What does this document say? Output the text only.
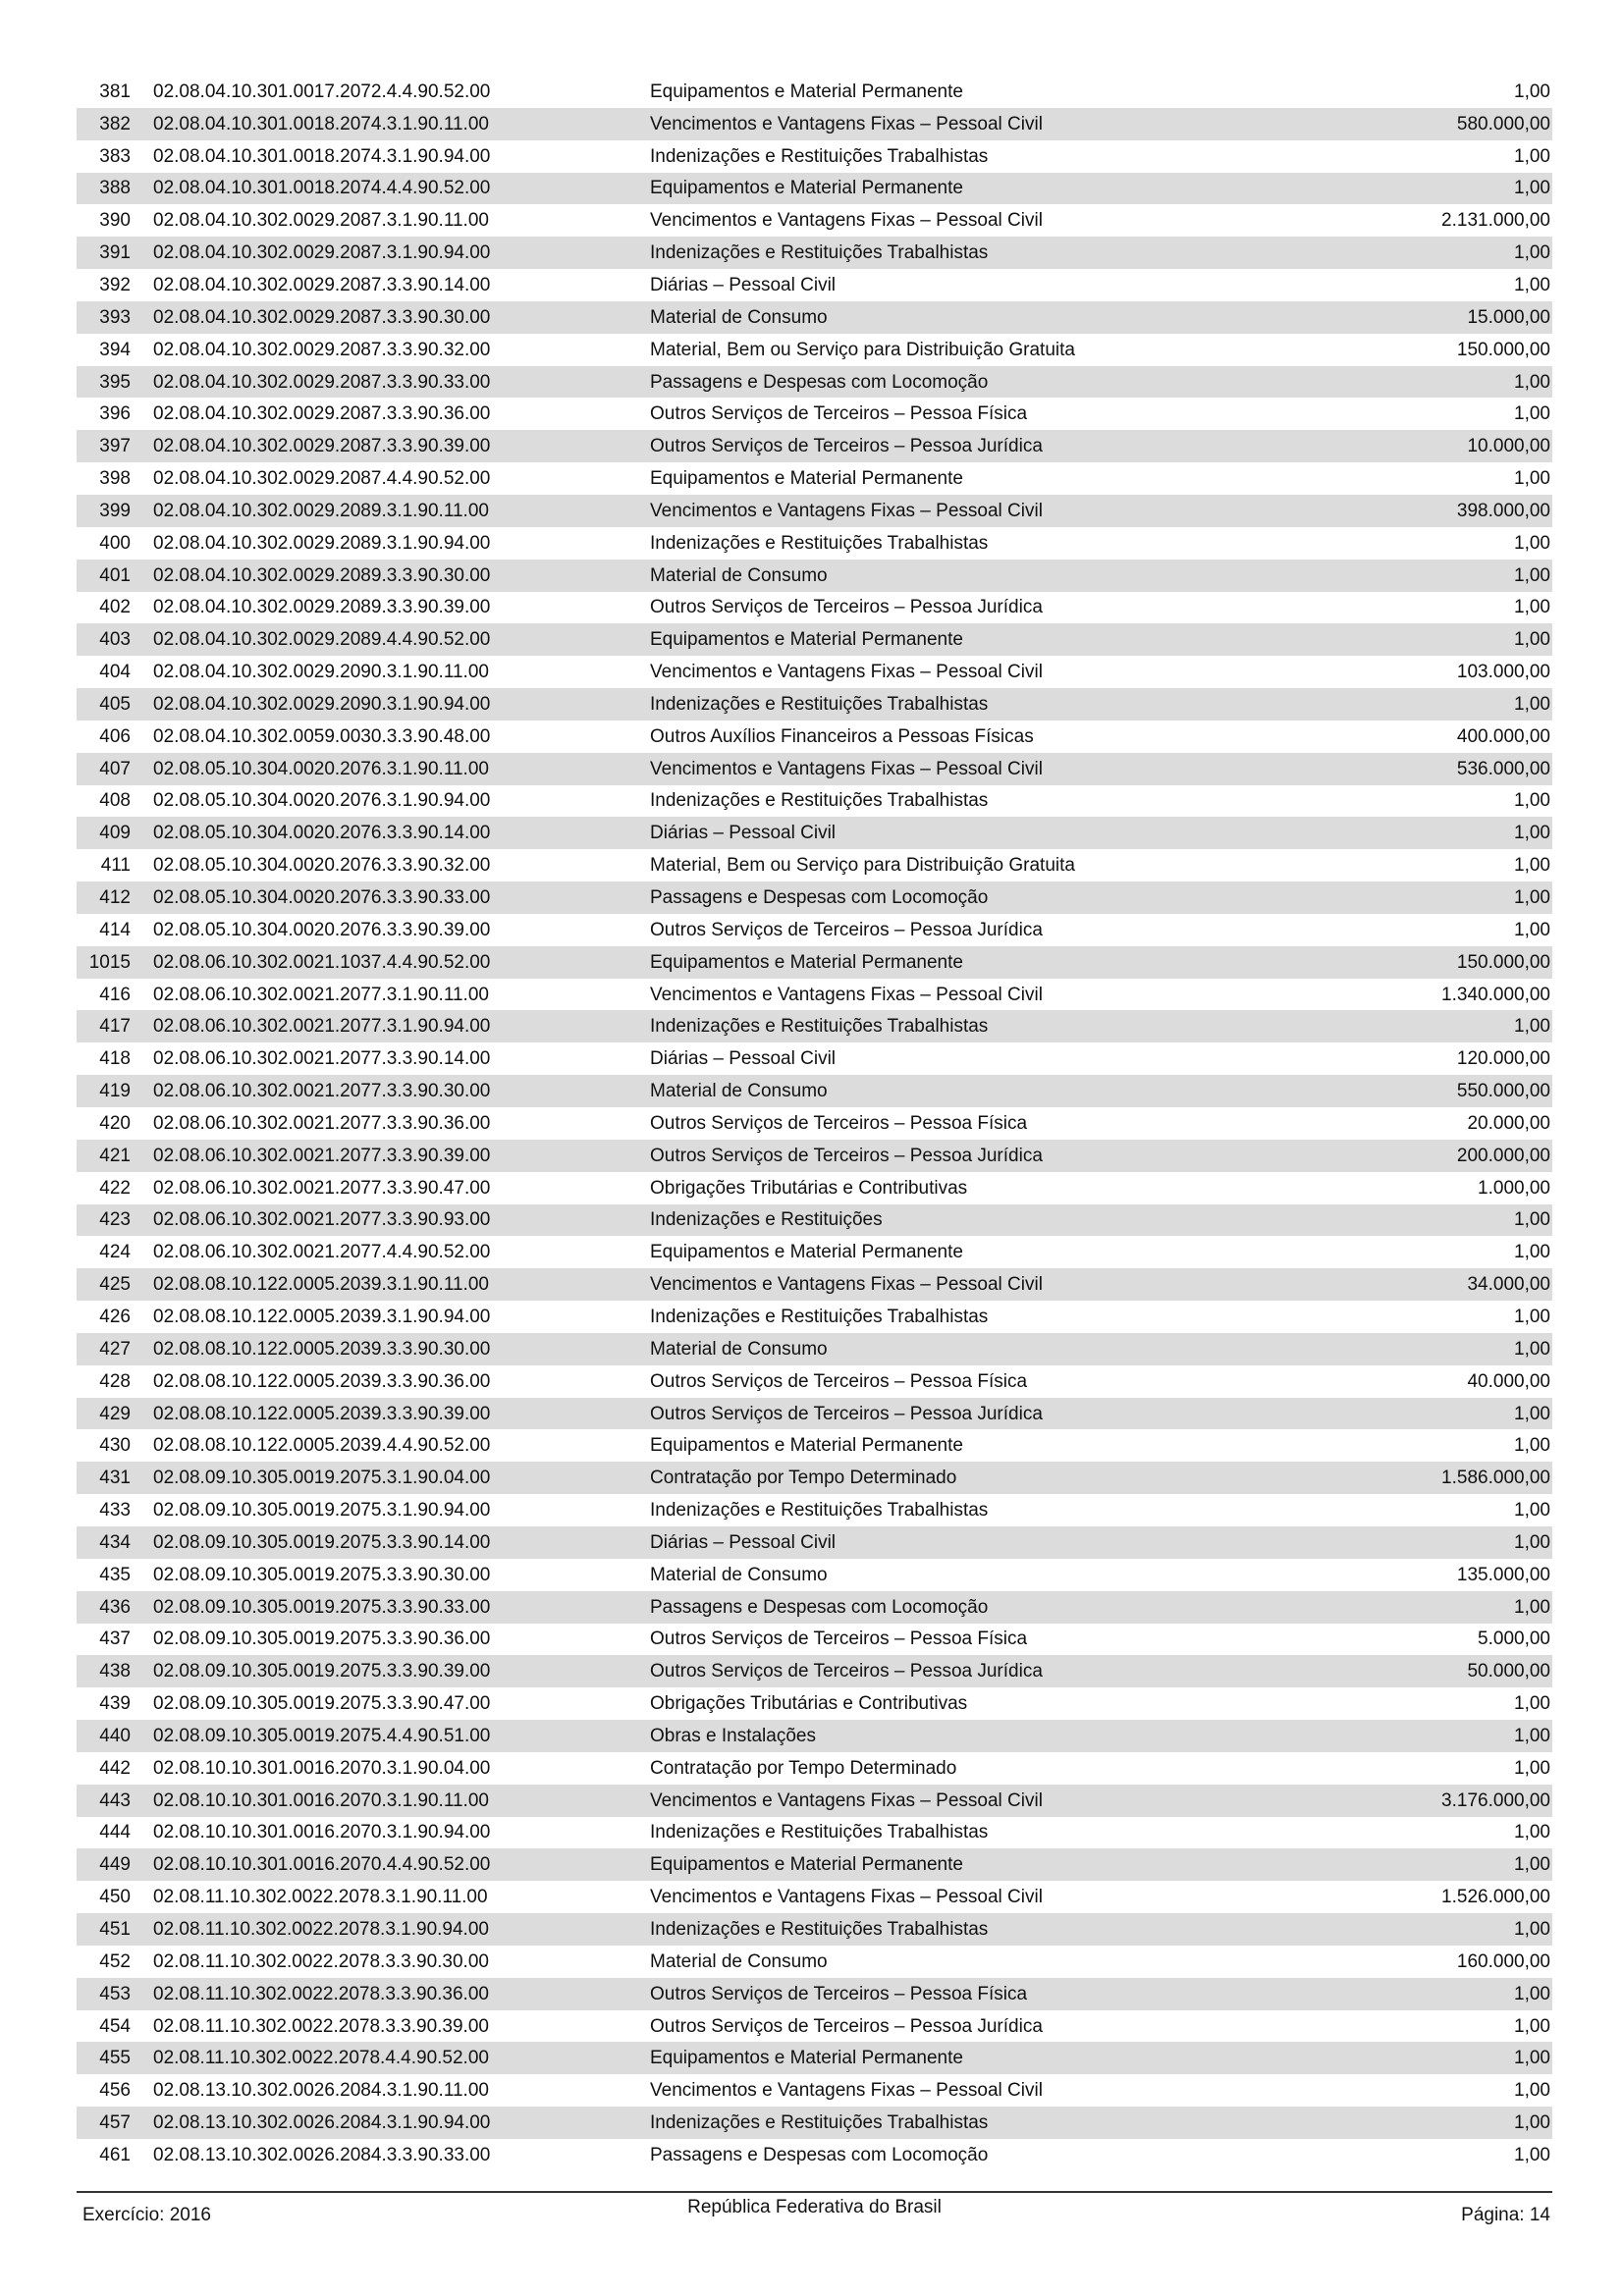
381	02.08.04.10.301.0017.2072.4.4.90.52.00	Equipamentos e Material Permanente	1,00
382	02.08.04.10.301.0018.2074.3.1.90.11.00	Vencimentos e Vantagens Fixas – Pessoal Civil	580.000,00
383	02.08.04.10.301.0018.2074.3.1.90.94.00	Indenizações e Restituições Trabalhistas	1,00
388	02.08.04.10.301.0018.2074.4.4.90.52.00	Equipamentos e Material Permanente	1,00
390	02.08.04.10.302.0029.2087.3.1.90.11.00	Vencimentos e Vantagens Fixas – Pessoal Civil	2.131.000,00
391	02.08.04.10.302.0029.2087.3.1.90.94.00	Indenizações e Restituições Trabalhistas	1,00
392	02.08.04.10.302.0029.2087.3.3.90.14.00	Diárias – Pessoal Civil	1,00
393	02.08.04.10.302.0029.2087.3.3.90.30.00	Material de Consumo	15.000,00
394	02.08.04.10.302.0029.2087.3.3.90.32.00	Material, Bem ou Serviço para Distribuição Gratuita	150.000,00
395	02.08.04.10.302.0029.2087.3.3.90.33.00	Passagens e Despesas com Locomoção	1,00
396	02.08.04.10.302.0029.2087.3.3.90.36.00	Outros Serviços de Terceiros – Pessoa Física	1,00
397	02.08.04.10.302.0029.2087.3.3.90.39.00	Outros Serviços de Terceiros – Pessoa Jurídica	10.000,00
398	02.08.04.10.302.0029.2087.4.4.90.52.00	Equipamentos e Material Permanente	1,00
399	02.08.04.10.302.0029.2089.3.1.90.11.00	Vencimentos e Vantagens Fixas – Pessoal Civil	398.000,00
400	02.08.04.10.302.0029.2089.3.1.90.94.00	Indenizações e Restituições Trabalhistas	1,00
401	02.08.04.10.302.0029.2089.3.3.90.30.00	Material de Consumo	1,00
402	02.08.04.10.302.0029.2089.3.3.90.39.00	Outros Serviços de Terceiros – Pessoa Jurídica	1,00
403	02.08.04.10.302.0029.2089.4.4.90.52.00	Equipamentos e Material Permanente	1,00
404	02.08.04.10.302.0029.2090.3.1.90.11.00	Vencimentos e Vantagens Fixas – Pessoal Civil	103.000,00
405	02.08.04.10.302.0029.2090.3.1.90.94.00	Indenizações e Restituições Trabalhistas	1,00
406	02.08.04.10.302.0059.0030.3.3.90.48.00	Outros Auxílios Financeiros a Pessoas Físicas	400.000,00
407	02.08.05.10.304.0020.2076.3.1.90.11.00	Vencimentos e Vantagens Fixas – Pessoal Civil	536.000,00
408	02.08.05.10.304.0020.2076.3.1.90.94.00	Indenizações e Restituições Trabalhistas	1,00
409	02.08.05.10.304.0020.2076.3.3.90.14.00	Diárias – Pessoal Civil	1,00
411	02.08.05.10.304.0020.2076.3.3.90.32.00	Material, Bem ou Serviço para Distribuição Gratuita	1,00
412	02.08.05.10.304.0020.2076.3.3.90.33.00	Passagens e Despesas com Locomoção	1,00
414	02.08.05.10.304.0020.2076.3.3.90.39.00	Outros Serviços de Terceiros – Pessoa Jurídica	1,00
1015	02.08.06.10.302.0021.1037.4.4.90.52.00	Equipamentos e Material Permanente	150.000,00
416	02.08.06.10.302.0021.2077.3.1.90.11.00	Vencimentos e Vantagens Fixas – Pessoal Civil	1.340.000,00
417	02.08.06.10.302.0021.2077.3.1.90.94.00	Indenizações e Restituições Trabalhistas	1,00
418	02.08.06.10.302.0021.2077.3.3.90.14.00	Diárias – Pessoal Civil	120.000,00
419	02.08.06.10.302.0021.2077.3.3.90.30.00	Material de Consumo	550.000,00
420	02.08.06.10.302.0021.2077.3.3.90.36.00	Outros Serviços de Terceiros – Pessoa Física	20.000,00
421	02.08.06.10.302.0021.2077.3.3.90.39.00	Outros Serviços de Terceiros – Pessoa Jurídica	200.000,00
422	02.08.06.10.302.0021.2077.3.3.90.47.00	Obrigações Tributárias e Contributivas	1.000,00
423	02.08.06.10.302.0021.2077.3.3.90.93.00	Indenizações e Restituições	1,00
424	02.08.06.10.302.0021.2077.4.4.90.52.00	Equipamentos e Material Permanente	1,00
425	02.08.08.10.122.0005.2039.3.1.90.11.00	Vencimentos e Vantagens Fixas – Pessoal Civil	34.000,00
426	02.08.08.10.122.0005.2039.3.1.90.94.00	Indenizações e Restituições Trabalhistas	1,00
427	02.08.08.10.122.0005.2039.3.3.90.30.00	Material de Consumo	1,00
428	02.08.08.10.122.0005.2039.3.3.90.36.00	Outros Serviços de Terceiros – Pessoa Física	40.000,00
429	02.08.08.10.122.0005.2039.3.3.90.39.00	Outros Serviços de Terceiros – Pessoa Jurídica	1,00
430	02.08.08.10.122.0005.2039.4.4.90.52.00	Equipamentos e Material Permanente	1,00
431	02.08.09.10.305.0019.2075.3.1.90.04.00	Contratação por Tempo Determinado	1.586.000,00
433	02.08.09.10.305.0019.2075.3.1.90.94.00	Indenizações e Restituições Trabalhistas	1,00
434	02.08.09.10.305.0019.2075.3.3.90.14.00	Diárias – Pessoal Civil	1,00
435	02.08.09.10.305.0019.2075.3.3.90.30.00	Material de Consumo	135.000,00
436	02.08.09.10.305.0019.2075.3.3.90.33.00	Passagens e Despesas com Locomoção	1,00
437	02.08.09.10.305.0019.2075.3.3.90.36.00	Outros Serviços de Terceiros – Pessoa Física	5.000,00
438	02.08.09.10.305.0019.2075.3.3.90.39.00	Outros Serviços de Terceiros – Pessoa Jurídica	50.000,00
439	02.08.09.10.305.0019.2075.3.3.90.47.00	Obrigações Tributárias e Contributivas	1,00
440	02.08.09.10.305.0019.2075.4.4.90.51.00	Obras e Instalações	1,00
442	02.08.10.10.301.0016.2070.3.1.90.04.00	Contratação por Tempo Determinado	1,00
443	02.08.10.10.301.0016.2070.3.1.90.11.00	Vencimentos e Vantagens Fixas – Pessoal Civil	3.176.000,00
444	02.08.10.10.301.0016.2070.3.1.90.94.00	Indenizações e Restituições Trabalhistas	1,00
449	02.08.10.10.301.0016.2070.4.4.90.52.00	Equipamentos e Material Permanente	1,00
450	02.08.11.10.302.0022.2078.3.1.90.11.00	Vencimentos e Vantagens Fixas – Pessoal Civil	1.526.000,00
451	02.08.11.10.302.0022.2078.3.1.90.94.00	Indenizações e Restituições Trabalhistas	1,00
452	02.08.11.10.302.0022.2078.3.3.90.30.00	Material de Consumo	160.000,00
453	02.08.11.10.302.0022.2078.3.3.90.36.00	Outros Serviços de Terceiros – Pessoa Física	1,00
454	02.08.11.10.302.0022.2078.3.3.90.39.00	Outros Serviços de Terceiros – Pessoa Jurídica	1,00
455	02.08.11.10.302.0022.2078.4.4.90.52.00	Equipamentos e Material Permanente	1,00
456	02.08.13.10.302.0026.2084.3.1.90.11.00	Vencimentos e Vantagens Fixas – Pessoal Civil	1,00
457	02.08.13.10.302.0026.2084.3.1.90.94.00	Indenizações e Restituições Trabalhistas	1,00
461	02.08.13.10.302.0026.2084.3.3.90.33.00	Passagens e Despesas com Locomoção	1,00
Exercício: 2016	República Federativa do Brasil	Página: 14
